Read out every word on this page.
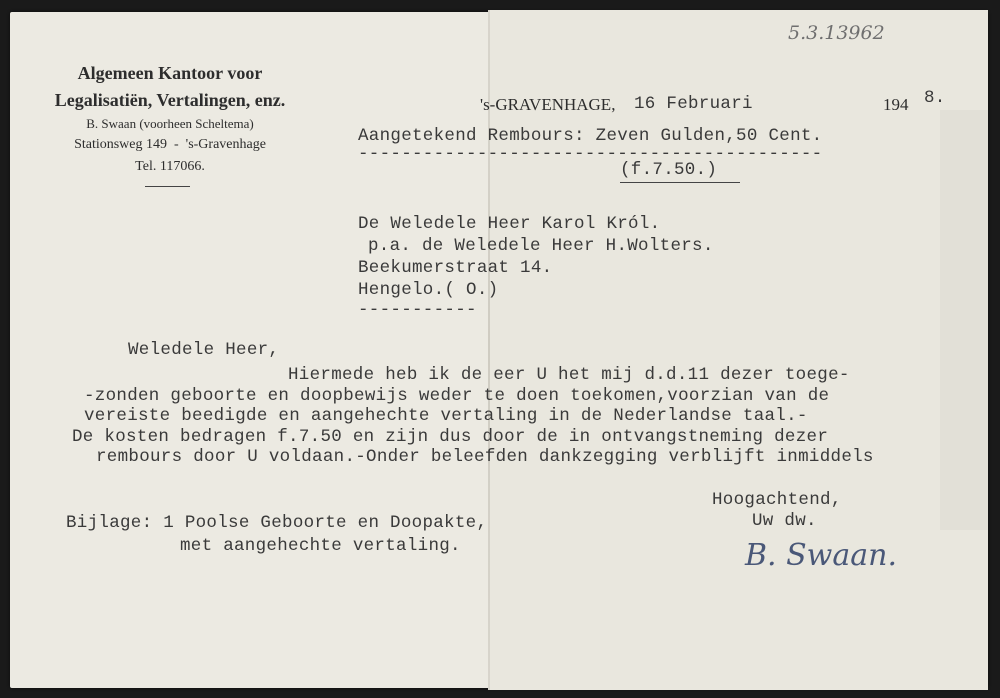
5.3.13962
Algemeen Kantoor voor
Legalisatiën, Vertalingen, enz.
B. Swaan (voorheen Scheltema)
Stationsweg 149  -  's-Gravenhage
Tel. 117066.
's-GRAVENHAGE, 16 Februari	194 8.
Aangetekend Rembours: Zeven Gulden,50 Cent.
-------------------------------------------
(f.7.50.)
De Weledele Heer Karol Król.
p.a. de Weledele Heer H.Wolters.
Beekumerstraat 14.
Hengelo.( O.)
-----------
Weledele Heer,
Hiermede heb ik de eer U het mij d.d.11 dezer toege-
-zonden geboorte en doopbewijs weder te doen toekomen,voorzian van de
vereiste beedigde en aangehechte vertaling in de Nederlandse taal.-
De kosten bedragen f.7.50 en zijn dus door de in ontvangstneming dezer
rembours door U voldaan.-Onder beleefden dankzegging verblijft inmiddels
Hoogachtend,
Uw dw.
B. Swaan.
Bijlage: 1 Poolse Geboorte en Doopakte,
met aangehechte vertaling.
